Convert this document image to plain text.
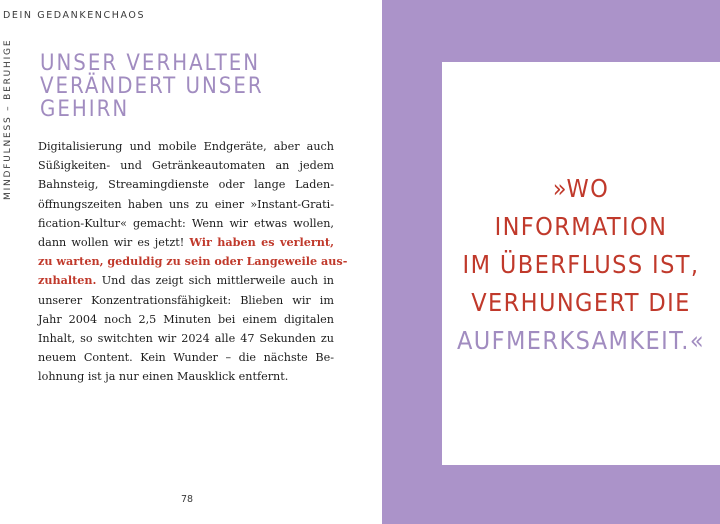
DEIN GEDANKENCHAOS
MINDFULNESS – BERUHIGE UNSER VERHALTEN
VERÄNDERT UNSER
GEHIRN
Digitalisierung und mobile Endgeräte, aber auch
Süßigkeiten- und Getränkeautomaten an jedem
Bahnsteig, Streamingdienste oder lange Laden-
öffnungszeiten haben uns zu einer »Instant-Grati-
fication-Kultur« gemacht: Wenn wir etwas wollen,
dann wollen wir es jetzt! Wir haben es verlernt,
zu warten, geduldig zu sein oder Langeweile aus-
zuhalten. Und das zeigt sich mittlerweile auch in
unserer Konzentrationsfähigkeit: Blieben wir im
Jahr 2004 noch 2,5 Minuten bei einem digitalen
Inhalt, so switchten wir 2024 alle 47 Sekunden zu
neuem Content. Kein Wunder – die nächste Be-
lohnung ist ja nur einen Mausklick entfernt.
78
»WO
INFORMATION
IM ÜBERFLUSS IST,
VERHUNGERT DIE
AUFMERKSAMKEIT.«
